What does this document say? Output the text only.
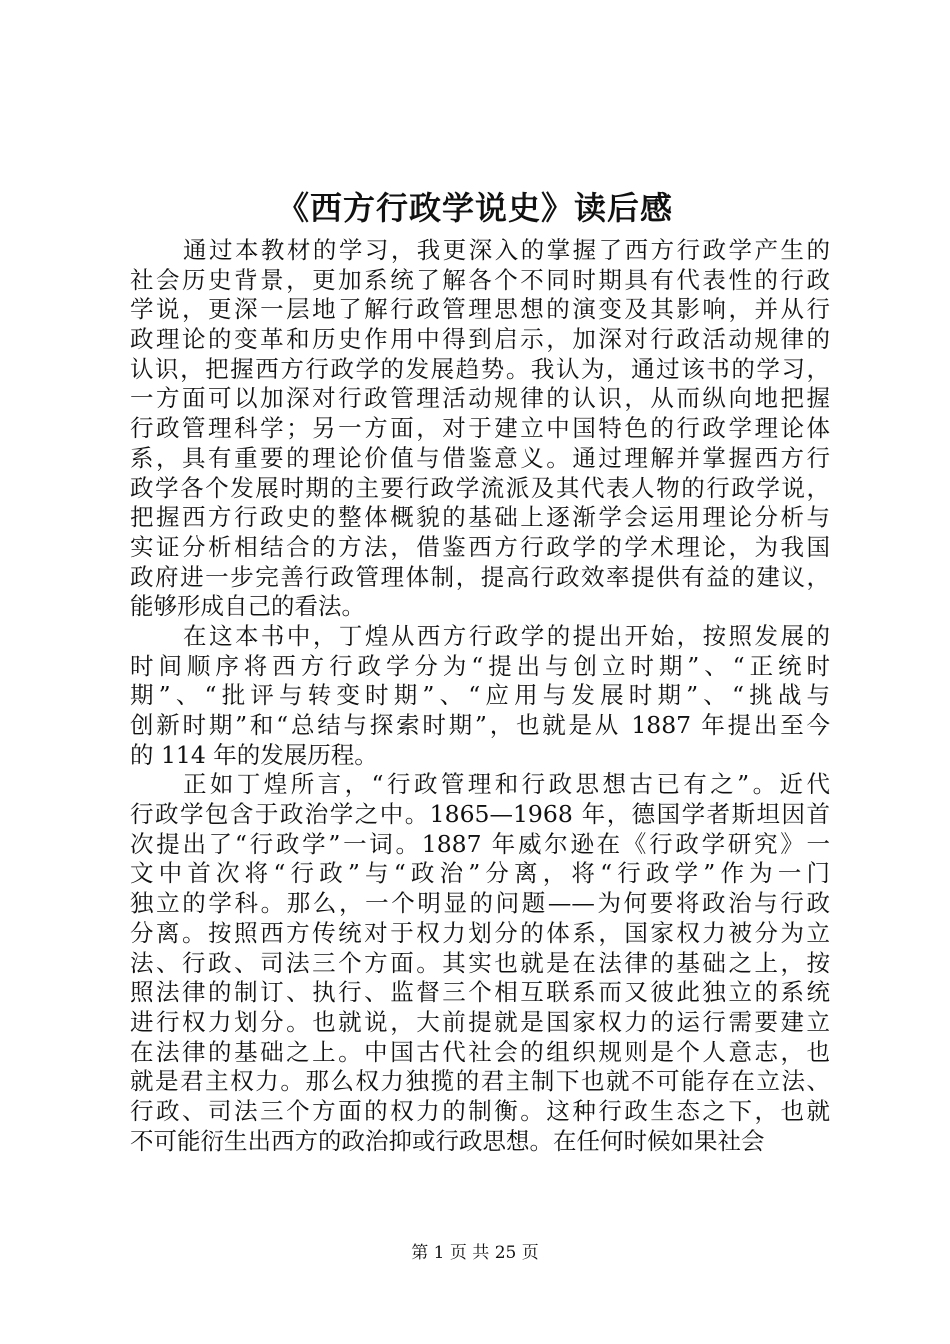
《西方行政学说史》读后感
通过本教材的学习，我更深入的掌握了西方行政学产生的
社会历史背景，更加系统了解各个不同时期具有代表性的行政
学说，更深一层地了解行政管理思想的演变及其影响，并从行
政理论的变革和历史作用中得到启示，加深对行政活动规律的
认识，把握西方行政学的发展趋势。我认为，通过该书的学习，
一方面可以加深对行政管理活动规律的认识，从而纵向地把握
行政管理科学；另一方面，对于建立中国特色的行政学理论体
系，具有重要的理论价值与借鉴意义。通过理解并掌握西方行
政学各个发展时期的主要行政学流派及其代表人物的行政学说，
把握西方行政史的整体概貌的基础上逐渐学会运用理论分析与
实证分析相结合的方法，借鉴西方行政学的学术理论，为我国
政府进一步完善行政管理体制，提高行政效率提供有益的建议，
能够形成自己的看法。
在这本书中，丁煌从西方行政学的提出开始，按照发展的
时间顺序将西方行政学分为“提出与创立时期”、“正统时
期”、“批评与转变时期”、“应用与发展时期”、“挑战与
创新时期”和“总结与探索时期”，也就是从 1887 年提出至今
的 114 年的发展历程。
正如丁煌所言，“行政管理和行政思想古已有之”。近代
行政学包含于政治学之中。1865—1968 年，德国学者斯坦因首
次提出了“行政学”一词。1887 年威尔逊在《行政学研究》一
文中首次将“行政”与“政治”分离，将“行政学”作为一门
独立的学科。那么，一个明显的问题——为何要将政治与行政
分离。按照西方传统对于权力划分的体系，国家权力被分为立
法、行政、司法三个方面。其实也就是在法律的基础之上，按
照法律的制订、执行、监督三个相互联系而又彼此独立的系统
进行权力划分。也就说，大前提就是国家权力的运行需要建立
在法律的基础之上。中国古代社会的组织规则是个人意志，也
就是君主权力。那么权力独揽的君主制下也就不可能存在立法、
行政、司法三个方面的权力的制衡。这种行政生态之下，也就
不可能衍生出西方的政治抑或行政思想。在任何时候如果社会
第 1 页 共 25 页
